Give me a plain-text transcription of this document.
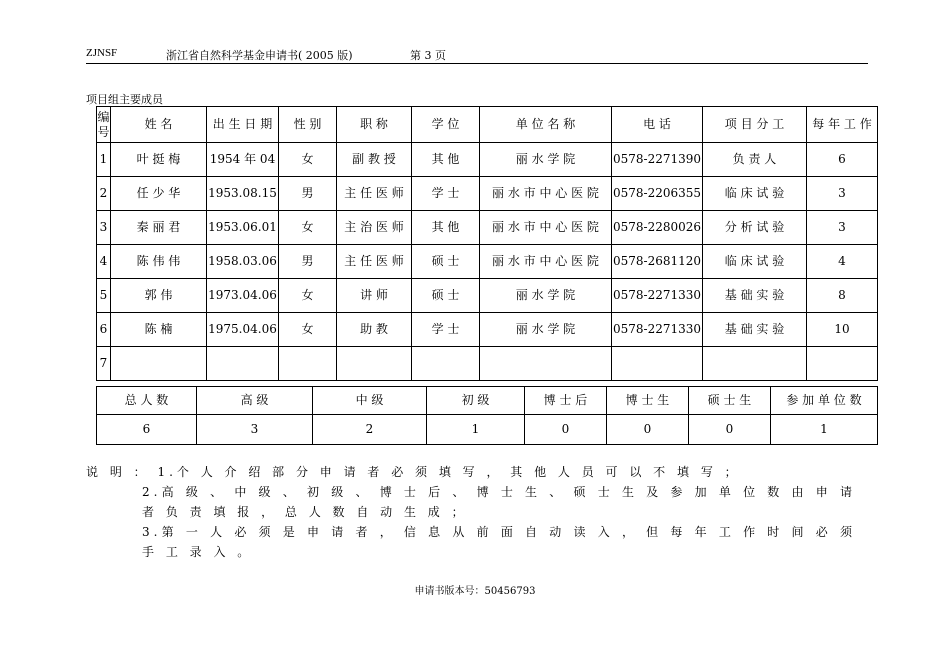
ZJNSF	浙江省自然科学基金申请书( 2005 版)	第 3 页
项目组主要成员
编号	姓 名	出 生 日 期	性 别	职 称	学 位	单 位 名 称	电 话	项 目 分 工	每 年 工 作
1	叶 挺 梅	1954 年 04	女	副 教 授	其 他	丽 水 学 院	0578-2271390	负 责 人	6
2	任 少 华	1953.08.15	男	主 任 医 师	学 士	丽 水 市 中 心 医 院	0578-2206355	临 床 试 验	3
3	秦 丽 君	1953.06.01	女	主 治 医 师	其 他	丽 水 市 中 心 医 院	0578-2280026	分 析 试 验	3
4	陈 伟 伟	1958.03.06	男	主 任 医 师	硕 士	丽 水 市 中 心 医 院	0578-2681120	临 床 试 验	4
5	郭 伟	1973.04.06	女	讲 师	硕 士	丽 水 学 院	0578-2271330	基 础 实 验	8
6	陈 楠	1975.04.06	女	助 教	学 士	丽 水 学 院	0578-2271330	基 础 实 验	10
7									
总 人 数	高 级	中 级	初 级	博 士 后	博 士 生	硕 士 生	参 加 单 位 数
6	3	2	1	0	0	0	1

说 明 ： 1.个 人 介 绍 部 分 申 请 者 必 须 填 写 ， 其 他 人 员 可 以 不 填 写 ；

2.高 级 、 中 级 、 初 级 、 博 士 后 、 博 士 生 、 硕 士 生 及 参 加 单 位 数 由 申 请 者 负 责 填 报 ， 总 人 数 自 动 生 成 ；

3.第 一 人 必 须 是 申 请 者 ， 信 息 从 前 面 自 动 读 入 ， 但 每 年 工 作 时 间 必 须 手 工 录 入 。

申请书版本号：50456793
